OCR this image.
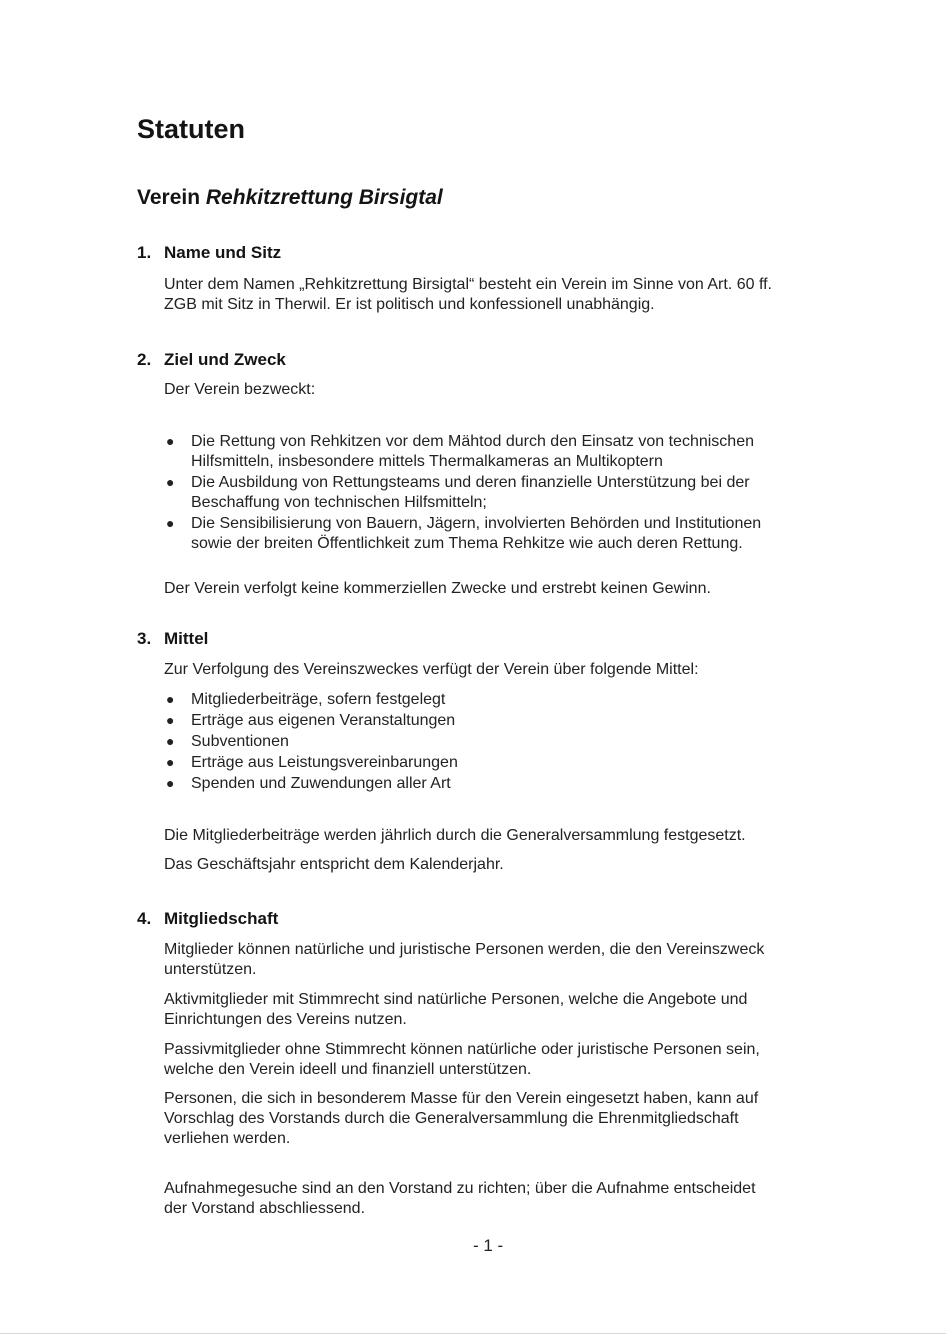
Statuten
Verein Rehkitzrettung Birsigtal
1. Name und Sitz

Unter dem Namen „Rehkitzrettung Birsigtal“ besteht ein Verein im Sinne von Art. 60 ff.

ZGB mit Sitz in Therwil. Er ist politisch und konfessionell unabhängig.

2. Ziel und Zweck

Der Verein bezweckt:

● Die Rettung von Rehkitzen vor dem Mähtod durch den Einsatz von technischen

Hilfsmitteln, insbesondere mittels Thermalkameras an Multikoptern

● Die Ausbildung von Rettungsteams und deren finanzielle Unterstützung bei der

Beschaffung von technischen Hilfsmitteln;

● Die Sensibilisierung von Bauern, Jägern, involvierten Behörden und Institutionen

sowie der breiten Öffentlichkeit zum Thema Rehkitze wie auch deren Rettung.

Der Verein verfolgt keine kommerziellen Zwecke und erstrebt keinen Gewinn.

3. Mittel

Zur Verfolgung des Vereinszweckes verfügt der Verein über folgende Mittel:

● Mitgliederbeiträge, sofern festgelegt

● Erträge aus eigenen Veranstaltungen

● Subventionen

● Erträge aus Leistungsvereinbarungen

● Spenden und Zuwendungen aller Art

Die Mitgliederbeiträge werden jährlich durch die Generalversammlung festgesetzt.

Das Geschäftsjahr entspricht dem Kalenderjahr.

4. Mitgliedschaft

Mitglieder können natürliche und juristische Personen werden, die den Vereinszweck

unterstützen.

Aktivmitglieder mit Stimmrecht sind natürliche Personen, welche die Angebote und

Einrichtungen des Vereins nutzen.

Passivmitglieder ohne Stimmrecht können natürliche oder juristische Personen sein,

welche den Verein ideell und finanziell unterstützen.

Personen, die sich in besonderem Masse für den Verein eingesetzt haben, kann auf

Vorschlag des Vorstands durch die Generalversammlung die Ehrenmitgliedschaft

verliehen werden.

Aufnahmegesuche sind an den Vorstand zu richten; über die Aufnahme entscheidet

der Vorstand abschliessend.

- 1 -
